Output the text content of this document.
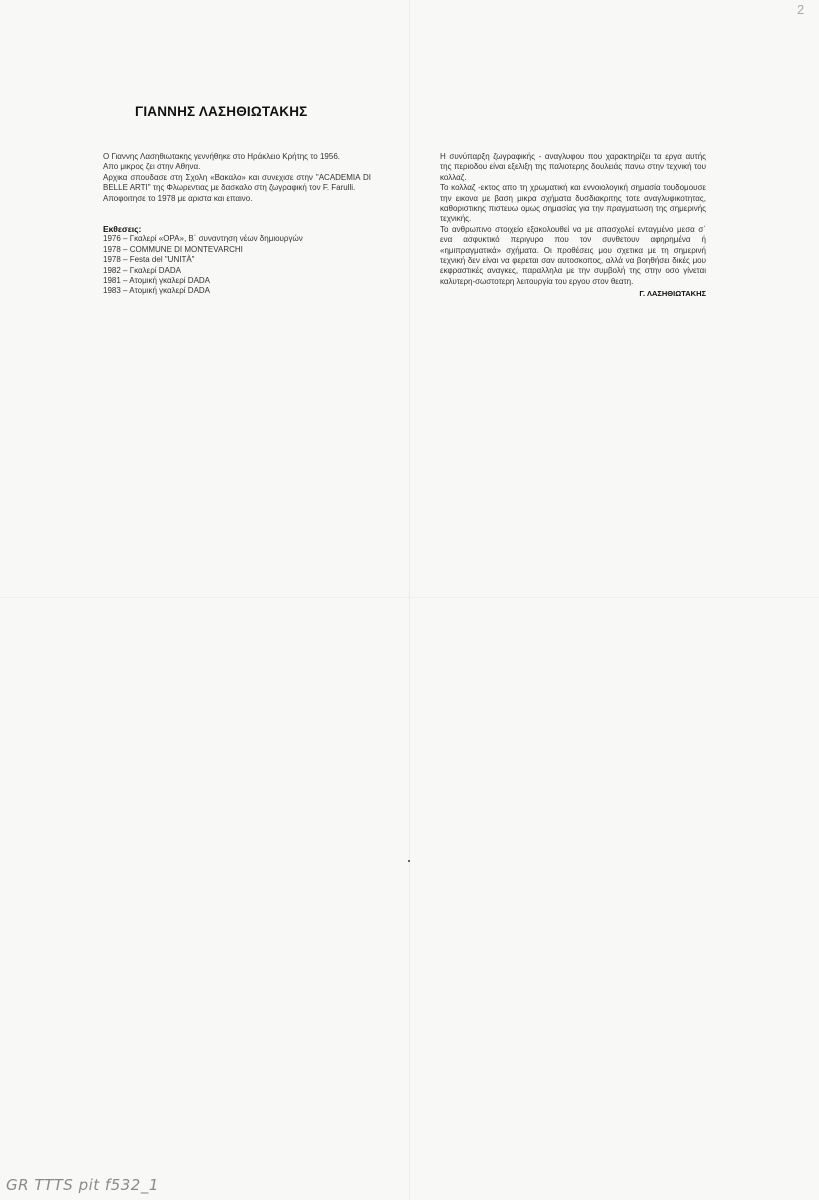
2
ΓΙΑΝΝΗΣ ΛΑΣΗΘΙΩΤΑΚΗΣ

Ο Γιαννης Λασηθιωτακης γεννήθηκε στο Ηράκλειο Κρήτης το 1956.

Απο μικρος ζει στην Αθηνα.

Αρχικα σπουδασε στη Σχολη «Βακαλο» και συνεχισε στην "ACADEMIA DI BELLE ARTI" της Φλωρεντιας με δασκαλο στη ζωγραφική τον F. Farulli.

Αποφοιτησε το 1978 με αριστα και επαινο.

Εκθεσεις:
1976 – Γκαλερί «ΟΡΑ», Β΄ συναντηση νέων δημιουργών
1978 – COMMUNE DI MONTEVARCHI
1978 – Festa del "UNITÀ"
1982 – Γκαλερί DADA
1981 – Ατομική γκαλερί DADA
1983 – Ατομική γκαλερί DADA

Η συνύπαρξη ζωγραφικής - αναγλυφου που χαρακτηρίζει τα εργα αυτής της περιοδου είναι εξελιξη της παλιοτερης δουλειάς πανω στην τεχνική του κολλαζ.

Το κολλαζ -εκτος απο τη χρωματική και εννοιολογική σημασία τουδομουσε την εικονα με βαση μικρα σχήματα δυσδιακριτης τοτε αναγλυφικοτητας, καθοριστικης πιστευω ομως σημασίας για την πραγματωση της σημερινής τεχνικής.

Το ανθρωπινο στοιχείο εξακολουθεί να με απασχολεί ενταγμένο μεσα σ΄ ενα ασφυκτικό περιγυρο που τον συνθετουν αφηρημένα ή «ημιπραγματικά» σχήματα. Οι προθέσεις μου σχετικα με τη σημερινή τεχνική δεν είναι να φερεται σαν αυτοσκοπος, αλλά να βοηθήσει δικές μου εκφραστικές αναγκες, παραλληλα με την συμβολή της στην οσο γίνεται καλυτερη-σωστοτερη λειτουργία του εργου στον θεατη.

Γ. ΛΑΣΗΘΙΩΤΑΚΗΣ
GR TTTS pit f532_1
